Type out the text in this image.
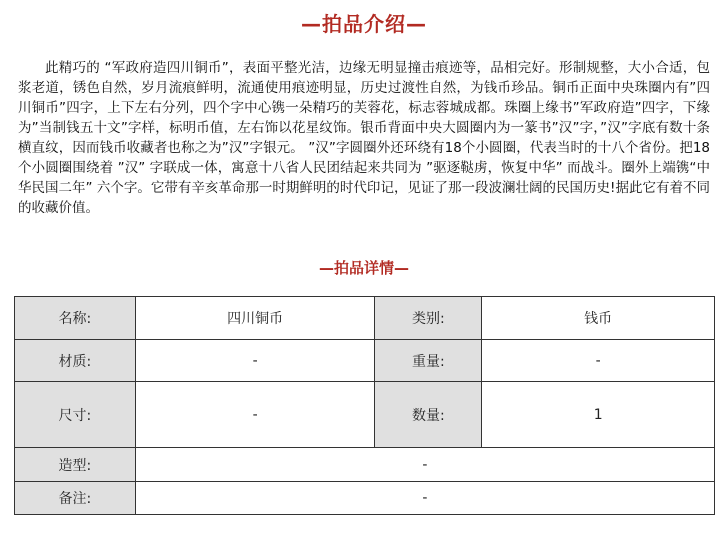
—拍品介绍—
此精巧的 “军政府造四川铜币”，表面平整光洁，边缘无明显撞击痕迹等，品相完好。形制规整，大小合适，包浆老道，锈色自然，岁月流痕鲜明，流通使用痕迹明显，历史过渡性自然，为钱币珍品。铜币正面中央珠圈内有”四川铜币”四字，上下左右分列，四个字中心镌一朵精巧的芙蓉花，标志蓉城成都。珠圈上缘书”军政府造”四字，下缘为”当制钱五十文”字样，标明币值，左右饰以花星纹饰。银币背面中央大圆圈内为一篆书”汉”字，”汉”字底有数十条横直纹，因而钱币收藏者也称之为”汉”字银元。 ”汉”字圆圈外还环绕有18个小圆圈，代表当时的十八个省份。把18个小圆圈围绕着 ”汉” 字联成一体，寓意十八省人民团结起来共同为 ”驱逐鞑虏，恢复中华” 而战斗。圈外上端镌“中华民国二年” 六个字。它带有辛亥革命那一时期鲜明的时代印记，见证了那一段波澜壮阔的民国历史!据此它有着不同的收藏价值。
—拍品详情—
名称:	四川铜币	类别:	钱币
材质:	-	重量:	-
尺寸:	-	数量:	1
造型:	-		
备注:	-		
